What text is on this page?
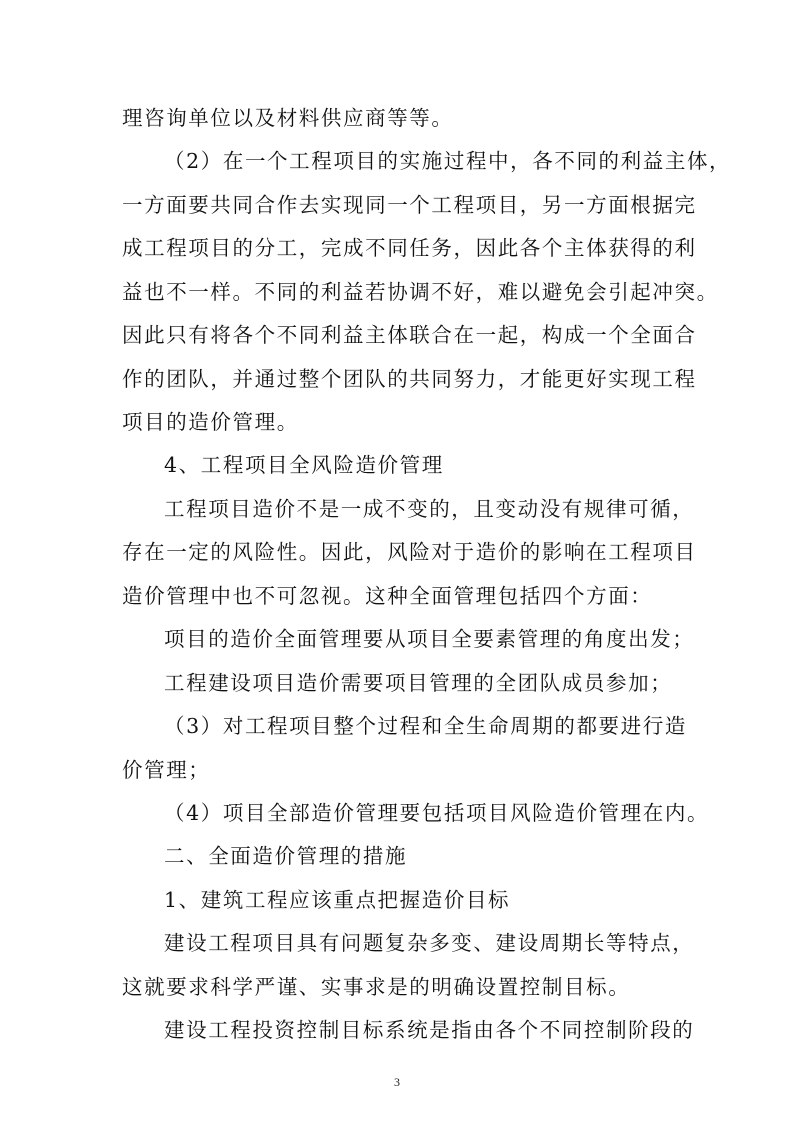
理咨询单位以及材料供应商等等。
（2）在一个工程项目的实施过程中，各不同的利益主体，
一方面要共同合作去实现同一个工程项目，另一方面根据完
成工程项目的分工，完成不同任务，因此各个主体获得的利
益也不一样。不同的利益若协调不好，难以避免会引起冲突。
因此只有将各个不同利益主体联合在一起，构成一个全面合
作的团队，并通过整个团队的共同努力，才能更好实现工程
项目的造价管理。
4、工程项目全风险造价管理
工程项目造价不是一成不变的，且变动没有规律可循，
存在一定的风险性。因此，风险对于造价的影响在工程项目
造价管理中也不可忽视。这种全面管理包括四个方面：
项目的造价全面管理要从项目全要素管理的角度出发；
工程建设项目造价需要项目管理的全团队成员参加；
（3）对工程项目整个过程和全生命周期的都要进行造
价管理；
（4）项目全部造价管理要包括项目风险造价管理在内。
二、全面造价管理的措施
1、建筑工程应该重点把握造价目标
建设工程项目具有问题复杂多变、建设周期长等特点，
这就要求科学严谨、实事求是的明确设置控制目标。
建设工程投资控制目标系统是指由各个不同控制阶段的
3
